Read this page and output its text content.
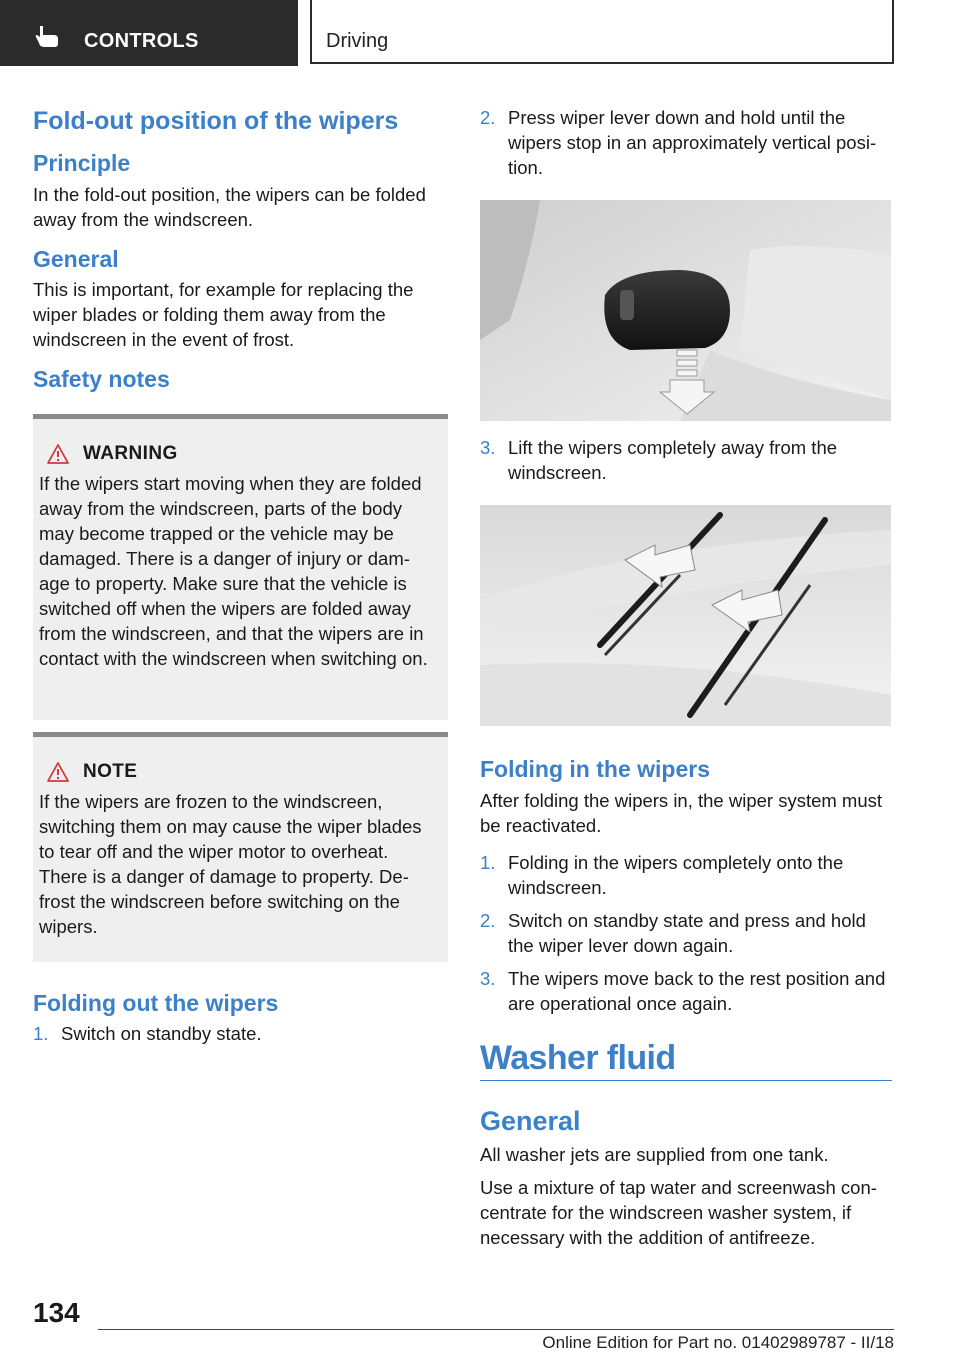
CONTROLS	Driving
Fold-out position of the wipers
Principle

In the fold-out position, the wipers can be folded away from the windscreen.

General

This is important, for example for replacing the wiper blades or folding them away from the windscreen in the event of frost.

Safety notes
WARNING

If the wipers start moving when they are folded away from the windscreen, parts of the body may become trapped or the vehicle may be damaged. There is a danger of injury or dam-age to property. Make sure that the vehicle is switched off when the wipers are folded away from the windscreen, and that the wipers are in contact with the windscreen when switching on.

NOTE

If the wipers are frozen to the windscreen, switching them on may cause the wiper blades to tear off and the wiper motor to overheat. There is a danger of damage to property. De-frost the windscreen before switching on the wipers.

Folding out the wipers
1. Switch on standby state.
2. Press wiper lever down and hold until the wipers stop in an approximately vertical posi-tion.
3. Lift the wipers completely away from the windscreen.
Folding in the wipers

After folding the wipers in, the wiper system must be reactivated.

1. Folding in the wipers completely onto the windscreen.
2. Switch on standby state and press and hold the wiper lever down again.
3. The wipers move back to the rest position and are operational once again.
Washer fluid
General

All washer jets are supplied from one tank.

Use a mixture of tap water and screenwash con-centrate for the windscreen washer system, if necessary with the addition of antifreeze.

134
Online Edition for Part no. 01402989787 - II/18
